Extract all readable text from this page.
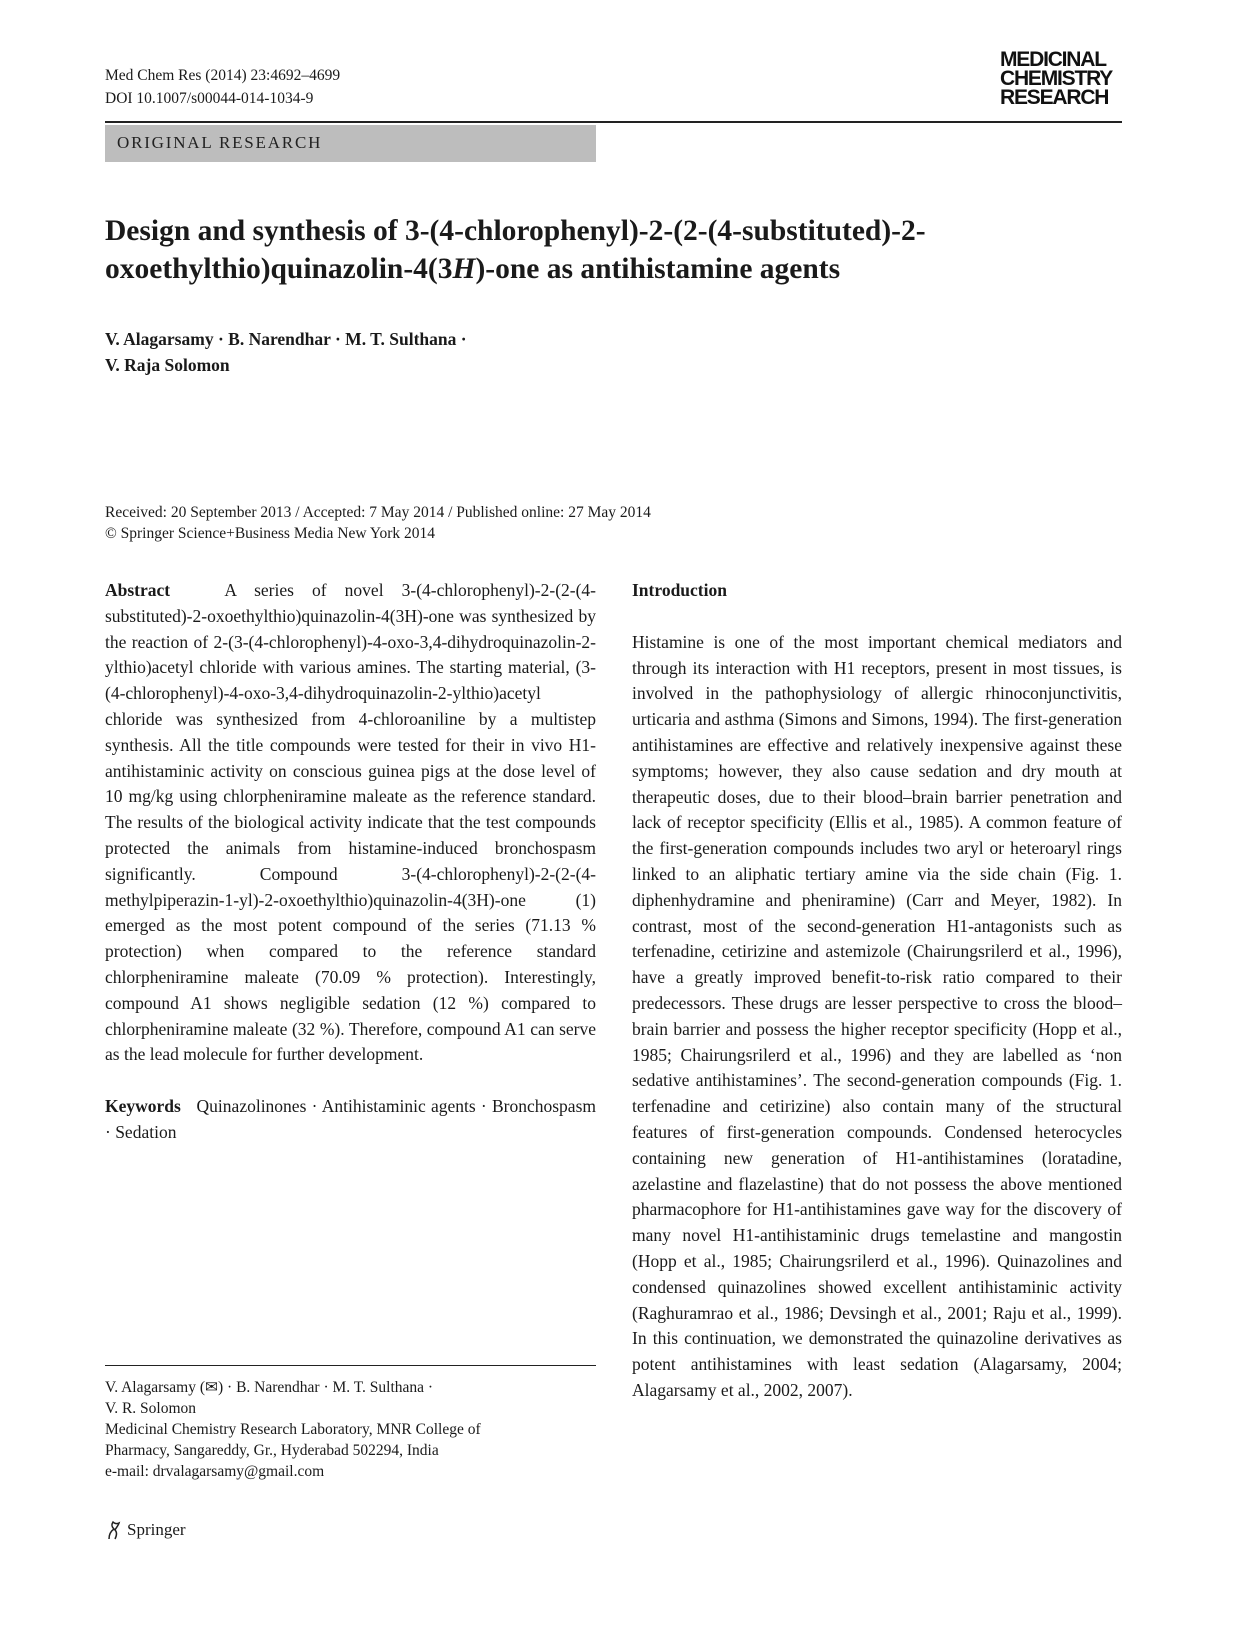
Med Chem Res (2014) 23:4692–4699
DOI 10.1007/s00044-014-1034-9
MEDICINAL
CHEMISTRY
RESEARCH
ORIGINAL RESEARCH
Design and synthesis of 3-(4-chlorophenyl)-2-(2-(4-substituted)-2-oxoethylthio)quinazolin-4(3H)-one as antihistamine agents
V. Alagarsamy · B. Narendhar · M. T. Sulthana ·
V. Raja Solomon
Received: 20 September 2013 / Accepted: 7 May 2014 / Published online: 27 May 2014
© Springer Science+Business Media New York 2014

Abstract	A series of novel 3-(4-chlorophenyl)-2-(2-(4-substituted)-2-oxoethylthio)quinazolin-4(3H)-one was synthesized by the reaction of 2-(3-(4-chlorophenyl)-4-oxo-3,4-dihydroquinazolin-2-ylthio)acetyl chloride with various amines. The starting material, (3-(4-chlorophenyl)-4-oxo-3,4-dihydroquinazolin-2-ylthio)acetyl chloride was synthesized from 4-chloroaniline by a multistep synthesis. All the title compounds were tested for their in vivo H1-antihistaminic activity on conscious guinea pigs at the dose level of 10 mg/kg using chlorpheniramine maleate as the reference standard. The results of the biological activity indicate that the test compounds protected the animals from histamine-induced bronchospasm significantly. Compound 3-(4-chlorophenyl)-2-(2-(4-methylpiperazin-1-yl)-2-oxoethylthio)quinazolin-4(3H)-one (1) emerged as the most potent compound of the series (71.13 % protection) when compared to the reference standard chlorpheniramine maleate (70.09 % protection). Interestingly, compound A1 shows negligible sedation (12 %) compared to chlorpheniramine maleate (32 %). Therefore, compound A1 can serve as the lead molecule for further development.

Keywords Quinazolinones · Antihistaminic agents · Bronchospasm · Sedation

Introduction

Histamine is one of the most important chemical mediators and through its interaction with H1 receptors, present in most tissues, is involved in the pathophysiology of allergic rhinoconjunctivitis, urticaria and asthma (Simons and Simons, 1994). The first-generation antihistamines are effective and relatively inexpensive against these symptoms; however, they also cause sedation and dry mouth at therapeutic doses, due to their blood–brain barrier penetration and lack of receptor specificity (Ellis et al., 1985). A common feature of the first-generation compounds includes two aryl or heteroaryl rings linked to an aliphatic tertiary amine via the side chain (Fig. 1. diphenhydramine and pheniramine) (Carr and Meyer, 1982). In contrast, most of the second-generation H1-antagonists such as terfenadine, cetirizine and astemizole (Chairungsrilerd et al., 1996), have a greatly improved benefit-to-risk ratio compared to their predecessors. These drugs are lesser perspective to cross the blood–brain barrier and possess the higher receptor specificity (Hopp et al., 1985; Chairungsrilerd et al., 1996) and they are labelled as ‘non sedative antihistamines’. The second-generation compounds (Fig. 1. terfenadine and cetirizine) also contain many of the structural features of first-generation compounds. Condensed heterocycles containing new generation of H1-antihistamines (loratadine, azelastine and flazelastine) that do not possess the above mentioned pharmacophore for H1-antihistamines gave way for the discovery of many novel H1-antihistaminic drugs temelastine and mangostin (Hopp et al., 1985; Chairungsrilerd et al., 1996). Quinazolines and condensed quinazolines showed excellent antihistaminic activity (Raghuramrao et al., 1986; Devsingh et al., 2001; Raju et al., 1999). In this continuation, we demonstrated the quinazoline derivatives as potent antihistamines with least sedation (Alagarsamy, 2004; Alagarsamy et al., 2002, 2007).

V. Alagarsamy (✉) · B. Narendhar · M. T. Sulthana ·
V. R. Solomon
Medicinal Chemistry Research Laboratory, MNR College of
Pharmacy, Sangareddy, Gr., Hyderabad 502294, India
e-mail: drvalagarsamy@gmail.com
Springer
